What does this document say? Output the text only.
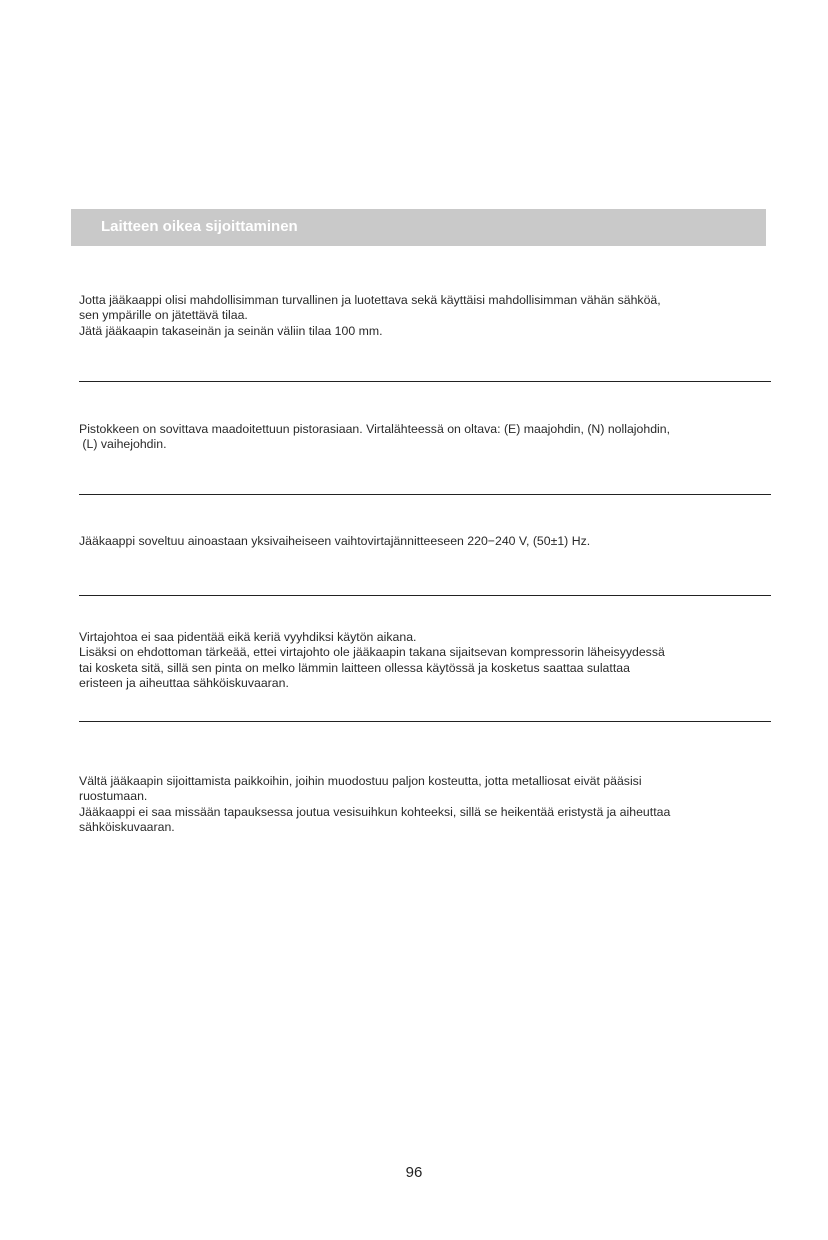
Laitteen oikea sijoittaminen

Jotta jääkaappi olisi mahdollisimman turvallinen ja luotettava sekä käyttäisi mahdollisimman vähän sähköä,

sen ympärille on jätettävä tilaa.

Jätä jääkaapin takaseinän ja seinän väliin tilaa 100 mm.

Pistokkeen on sovittava maadoitettuun pistorasiaan. Virtalähteessä on oltava: (E) maajohdin, (N) nollajohdin,

(L) vaihejohdin.

Jääkaappi soveltuu ainoastaan yksivaiheiseen vaihtovirtajännitteeseen 220−240 V, (50±1) Hz.

Virtajohtoa ei saa pidentää eikä keriä vyyhdiksi käytön aikana.

Lisäksi on ehdottoman tärkeää, ettei virtajohto ole jääkaapin takana sijaitsevan kompressorin läheisyydessä

tai kosketa sitä, sillä sen pinta on melko lämmin laitteen ollessa käytössä ja kosketus saattaa sulattaa

eristeen ja aiheuttaa sähköiskuvaaran.

Vältä jääkaapin sijoittamista paikkoihin, joihin muodostuu paljon kosteutta, jotta metalliosat eivät pääsisi

ruostumaan.

Jääkaappi ei saa missään tapauksessa joutua vesisuihkun kohteeksi, sillä se heikentää eristystä ja aiheuttaa

sähköiskuvaaran.

96
